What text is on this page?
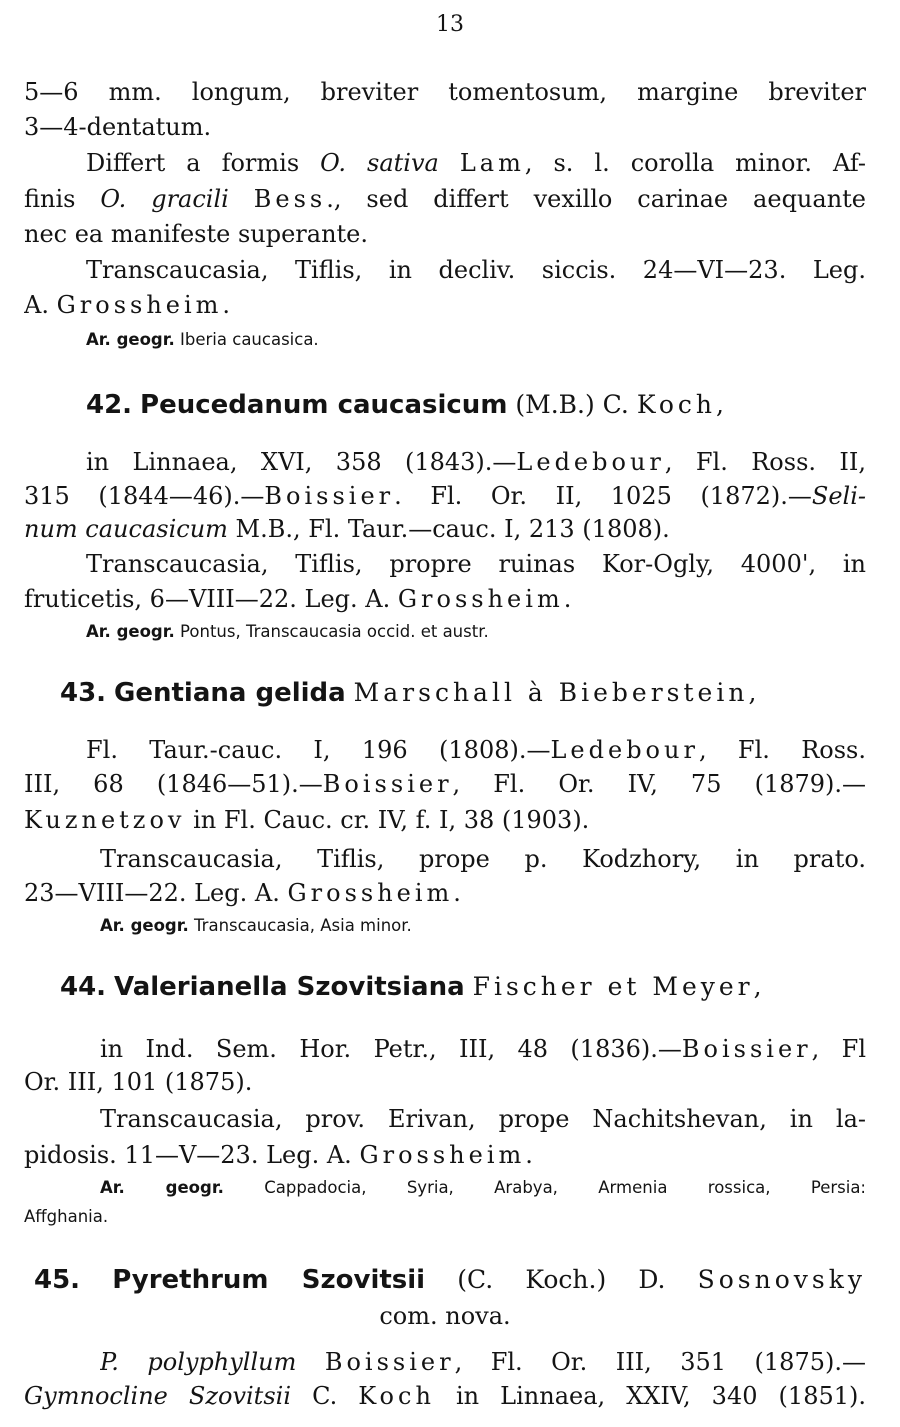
13
5—6 mm. longum, breviter tomentosum, margine breviter
3—4-dentatum.
Differt a formis O. sativa Lam, s. l. corolla minor. Af-
finis O. gracili Bess., sed differt vexillo carinae aequante
nec ea manifeste superante.
Transcaucasia, Tiflis, in decliv. siccis. 24—VI—23. Leg.
A. Grossheim.
Ar. geogr. Iberia caucasica.
42. Peucedanum caucasicum (M.B.) C. Koch,
in Linnaea, XVI, 358 (1843).—Ledebour, Fl. Ross. II,
315 (1844—46).—Boissier. Fl. Or. II, 1025 (1872).—Seli-
num caucasicum M.B., Fl. Taur.—cauc. I, 213 (1808).
Transcaucasia, Tiflis, propre ruinas Kor-Ogly, 4000', in
fruticetis, 6—VIII—22. Leg. A. Grossheim.
Ar. geogr. Pontus, Transcaucasia occid. et austr.
43. Gentiana gelida Marschall à Bieberstein,
Fl. Taur.-cauc. I, 196 (1808).—Ledebour, Fl. Ross.
III, 68 (1846—51).—Boissier, Fl. Or. IV, 75 (1879).—
Kuznetzov in Fl. Cauc. cr. IV, f. I, 38 (1903).
Transcaucasia, Tiflis, prope p. Kodzhory, in prato.
23—VIII—22. Leg. A. Grossheim.
Ar. geogr. Transcaucasia, Asia minor.
44. Valerianella Szovitsiana Fischer et Meyer,
in Ind. Sem. Hor. Petr., III, 48 (1836).—Boissier, Fl
Or. III, 101 (1875).
Transcaucasia, prov. Erivan, prope Nachitshevan, in la-
pidosis. 11—V—23. Leg. A. Grossheim.
Ar. geogr. Cappadocia, Syria, Arabya, Armenia rossica, Persia:
Affghania.
45. Pyrethrum Szovitsii (C. Koch.) D. Sosnovsky
com. nova.
P. polyphyllum Boissier, Fl. Or. III, 351 (1875).—
Gymnocline Szovitsii C. Koch in Linnaea, XXIV, 340 (1851).
